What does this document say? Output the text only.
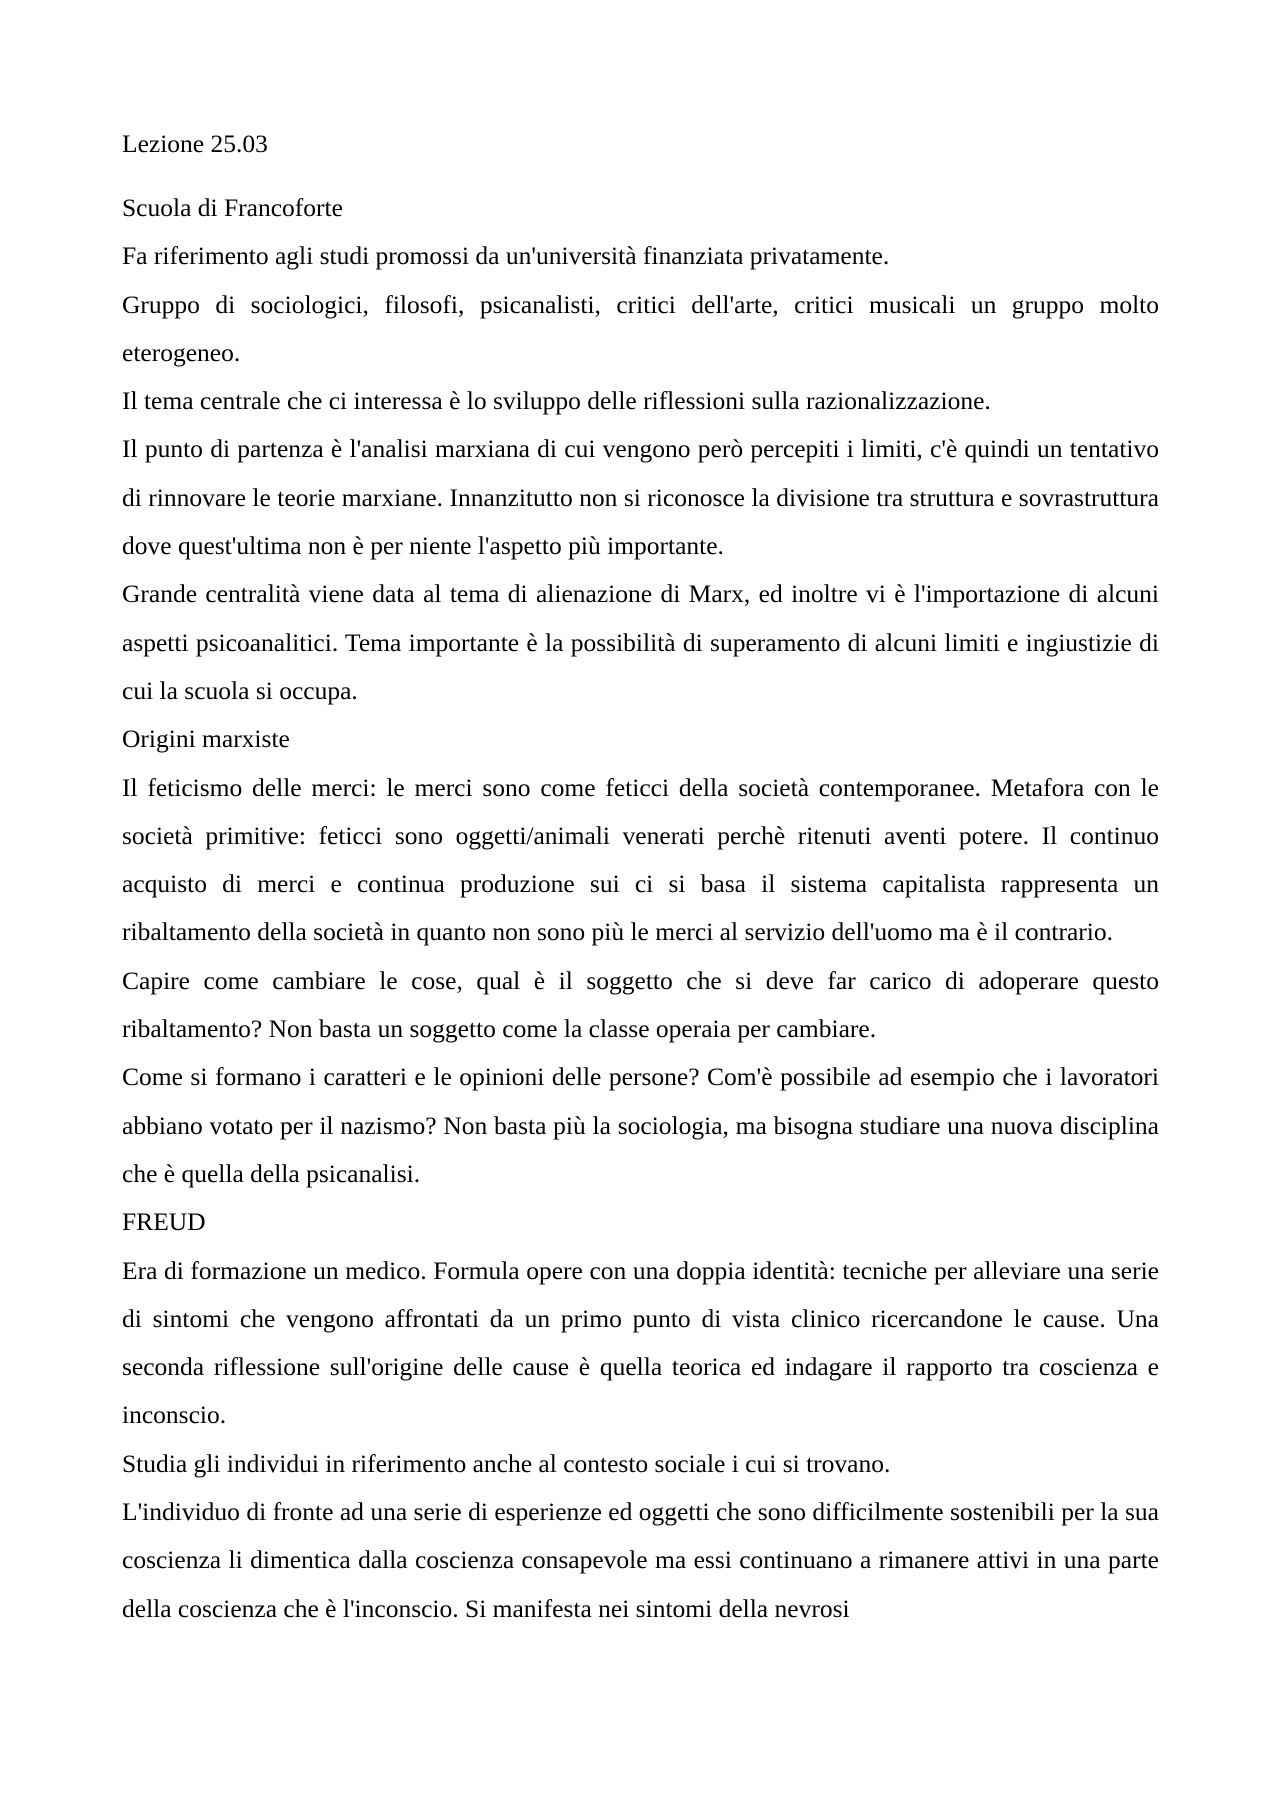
Lezione 25.03

Scuola di Francoforte

Fa riferimento agli studi promossi da un'università finanziata privatamente.

Gruppo di sociologici, filosofi, psicanalisti, critici dell'arte, critici musicali un gruppo molto eterogeneo.

Il tema centrale che ci interessa è lo sviluppo delle riflessioni sulla razionalizzazione.

Il punto di partenza è l'analisi marxiana di cui vengono però percepiti i limiti, c'è quindi un tentativo di rinnovare le teorie marxiane. Innanzitutto non si riconosce la divisione tra struttura e sovrastruttura dove quest'ultima non è per niente l'aspetto più importante.

Grande centralità viene data al tema di alienazione di Marx, ed inoltre vi è l'importazione di alcuni aspetti psicoanalitici. Tema importante è la possibilità di superamento di alcuni limiti e ingiustizie di cui la scuola si occupa.

Origini marxiste

Il feticismo delle merci: le merci sono come feticci della società contemporanee. Metafora con le società primitive: feticci sono oggetti/animali venerati perchè ritenuti aventi potere. Il continuo acquisto di merci e continua produzione sui ci si basa il sistema capitalista rappresenta un ribaltamento della società in quanto non sono più le merci al servizio dell'uomo ma è il contrario.

Capire come cambiare le cose, qual è il soggetto che si deve far carico di adoperare questo ribaltamento? Non basta un soggetto come la classe operaia per cambiare.

Come si formano i caratteri e le opinioni delle persone? Com'è possibile ad esempio che i lavoratori abbiano votato per il nazismo? Non basta più la sociologia, ma bisogna studiare una nuova disciplina che è quella della psicanalisi.

FREUD

Era di formazione un medico. Formula opere con una doppia identità: tecniche per alleviare una serie di sintomi che vengono affrontati da un primo punto di vista clinico ricercandone le cause. Una seconda riflessione sull'origine delle cause è quella teorica ed indagare il rapporto tra coscienza e inconscio.

Studia gli individui in riferimento anche al contesto sociale i cui si trovano.

L'individuo di fronte ad una serie di esperienze ed oggetti che sono difficilmente sostenibili per la sua coscienza li dimentica dalla coscienza consapevole ma essi continuano a rimanere attivi in una parte della coscienza che è l'inconscio. Si manifesta nei sintomi della nevrosi
